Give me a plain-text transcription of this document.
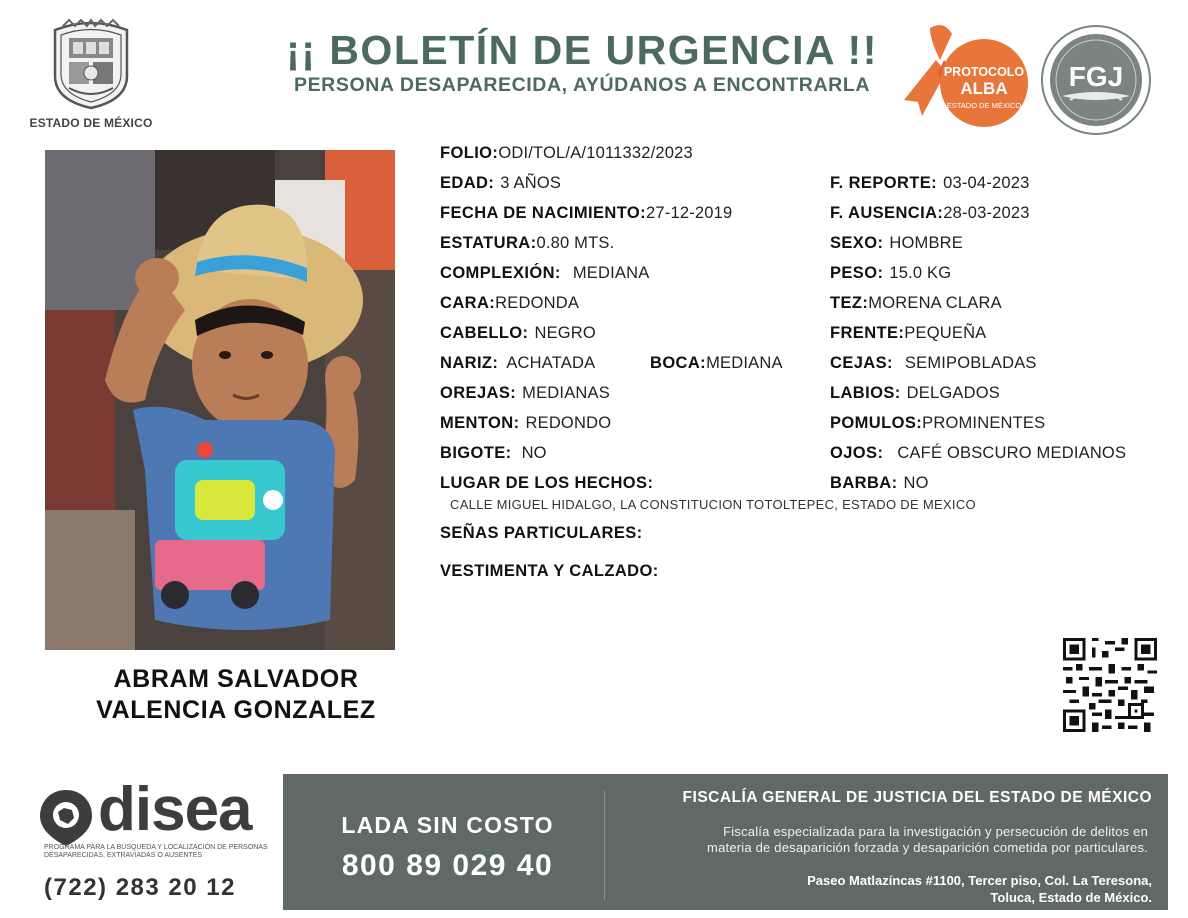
ESTADO DE MÉXICO
¡¡ BOLETÍN DE URGENCIA !!
PERSONA DESAPARECIDA, AYÚDANOS A ENCONTRARLA
PROTOCOLO
ALBA
ESTADO DE MÉXICO
FGJ
ABRAM SALVADOR
VALENCIA GONZALEZ
FOLIO:ODI/TOL/A/1011332/2023
EDAD: 3 AÑOS	F. REPORTE: 03-04-2023
FECHA DE NACIMIENTO:27-12-2019	F. AUSENCIA:28-03-2023
ESTATURA:0.80 MTS.	SEXO: HOMBRE
COMPLEXIÓN: MEDIANA	PESO: 15.0 KG
CARA:REDONDA	TEZ:MORENA CLARA
CABELLO: NEGRO	FRENTE:PEQUEÑA
NARIZ: ACHATADA	BOCA:MEDIANA	CEJAS: SEMIPOBLADAS
OREJAS: MEDIANAS	LABIOS: DELGADOS
MENTON: REDONDO	POMULOS:PROMINENTES
BIGOTE: NO	OJOS: CAFÉ OBSCURO MEDIANOS
LUGAR DE LOS HECHOS:	BARBA: NO
CALLE MIGUEL HIDALGO, LA CONSTITUCION TOTOLTEPEC, ESTADO DE MEXICO
SEÑAS PARTICULARES:
VESTIMENTA Y CALZADO:
disea
PROGRAMA PARA LA BÚSQUEDA Y LOCALIZACIÓN DE PERSONAS DESAPARECIDAS, EXTRAVIADAS O AUSENTES
(722) 283 20 12
LADA SIN COSTO
800 89 029 40
FISCALÍA GENERAL DE JUSTICIA DEL ESTADO DE MÉXICO
Fiscalía especializada para la investigación y persecución de delitos en
materia de desaparición forzada y desaparición cometida por particulares.
Paseo Matlazíncas #1100, Tercer piso, Col. La Teresona,
Toluca, Estado de México.
